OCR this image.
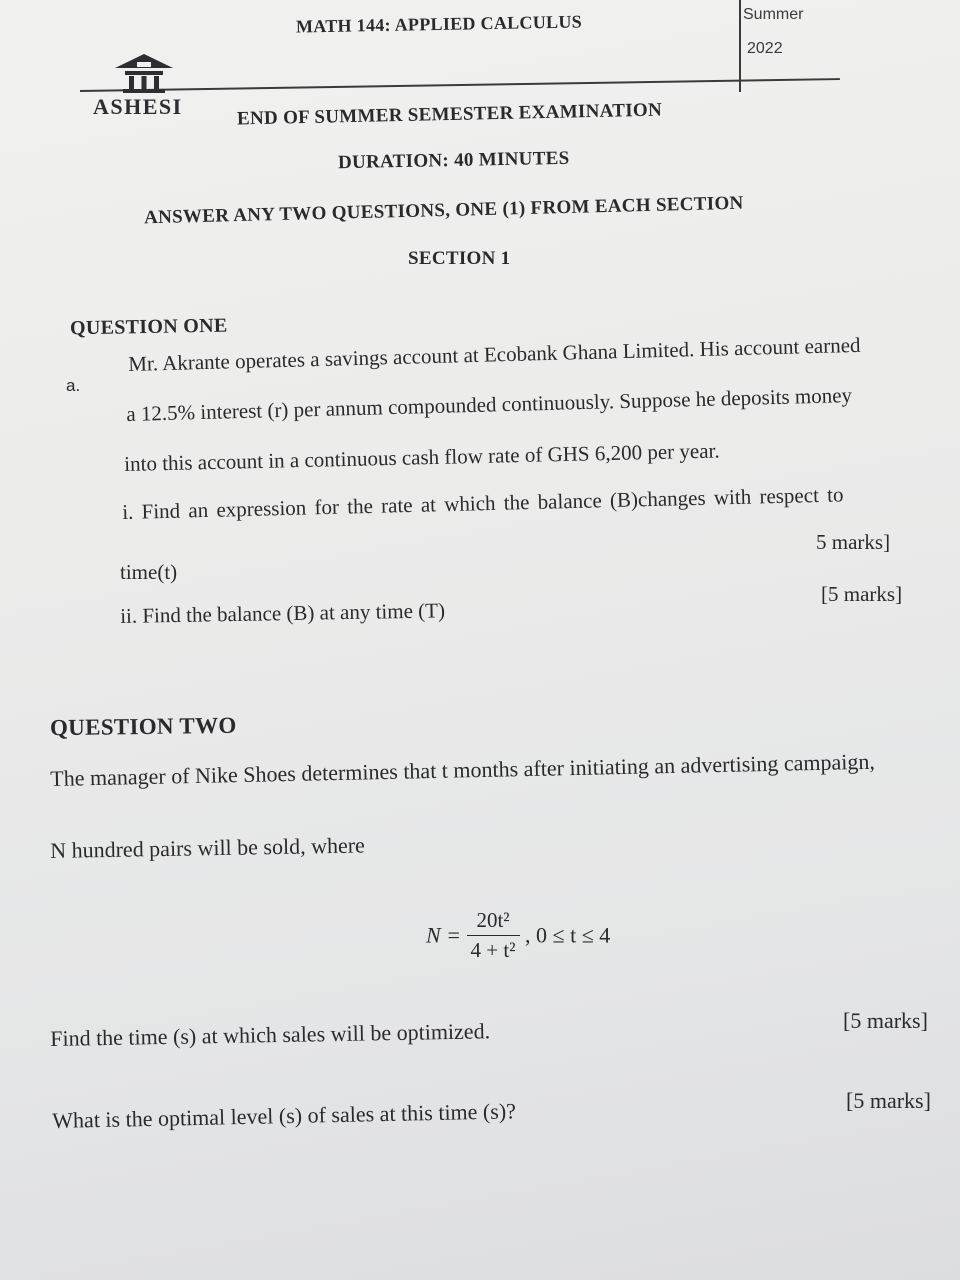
MATH 144: APPLIED CALCULUS	Summer
2022
ASHESI	END OF SUMMER SEMESTER EXAMINATION
DURATION: 40 MINUTES
ANSWER ANY TWO QUESTIONS, ONE (1) FROM EACH SECTION
SECTION 1
QUESTION ONE
a.
Mr. Akrante operates a savings account at Ecobank Ghana Limited. His account earned
a 12.5% interest (r) per annum compounded continuously. Suppose he deposits money
into this account in a continuous cash flow rate of GHS 6,200 per year.
i. Find an expression for the rate at which the balance (B)changes with respect to
time(t)
5 marks]
ii. Find the balance (B) at any time (T)
[5 marks]
QUESTION TWO
The manager of Nike Shoes determines that t months after initiating an advertising campaign,
N hundred pairs will be sold, where
$N = \frac{\text{20t²}}{\text{4 + t²}}$ , 0 ≤ t ≤ 4
Find the time (s) at which sales will be optimized.	[5 marks]
What is the optimal level (s) of sales at this time (s)?	[5 marks]
